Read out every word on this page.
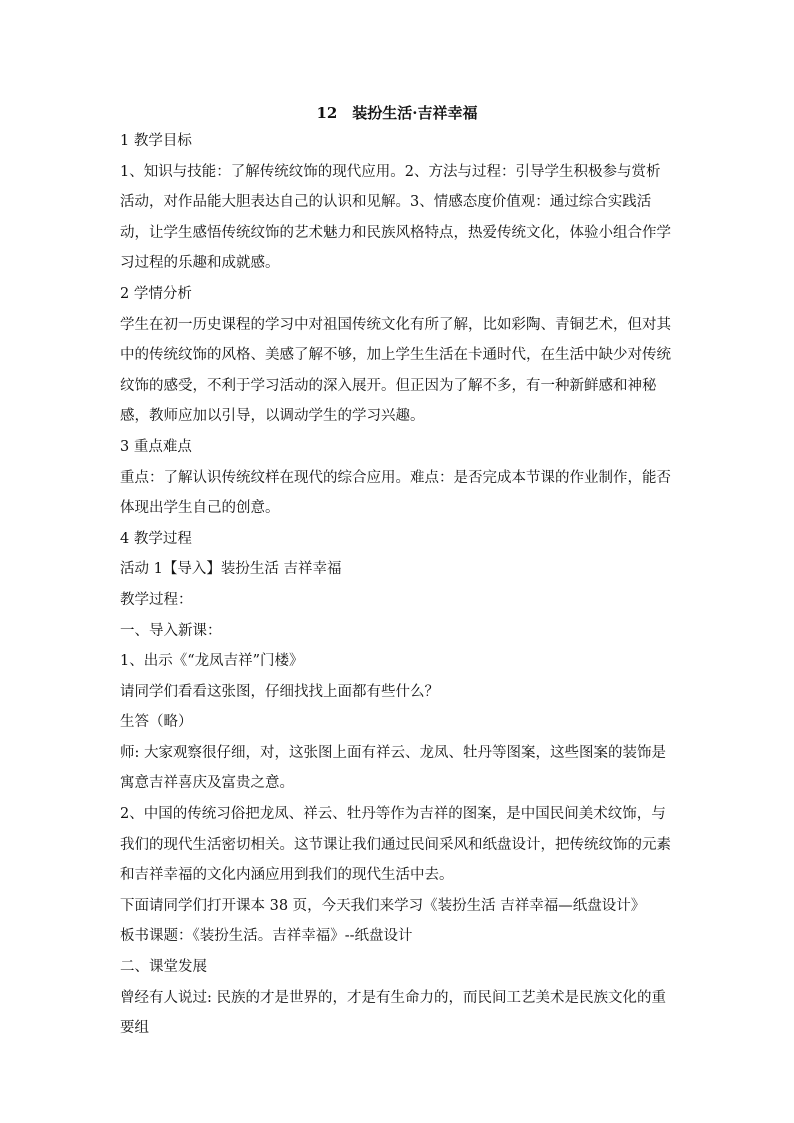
12　装扮生活·吉祥幸福

1 教学目标

1、知识与技能：了解传统纹饰的现代应用。2、方法与过程：引导学生积极参与赏析活动，对作品能大胆表达自己的认识和见解。3、情感态度价值观：通过综合实践活动，让学生感悟传统纹饰的艺术魅力和民族风格特点，热爱传统文化，体验小组合作学习过程的乐趣和成就感。

2 学情分析

学生在初一历史课程的学习中对祖国传统文化有所了解，比如彩陶、青铜艺术，但对其中的传统纹饰的风格、美感了解不够，加上学生生活在卡通时代，在生活中缺少对传统纹饰的感受，不利于学习活动的深入展开。但正因为了解不多，有一种新鲜感和神秘感，教师应加以引导，以调动学生的学习兴趣。

3 重点难点

重点：了解认识传统纹样在现代的综合应用。难点：是否完成本节课的作业制作，能否体现出学生自己的创意。

4 教学过程

活动 1【导入】装扮生活 吉祥幸福

教学过程：

一、导入新课：

1、出示《“龙凤吉祥”门楼》

请同学们看看这张图，仔细找找上面都有些什么？

生答（略）

师: 大家观察很仔细，对，这张图上面有祥云、龙凤、牡丹等图案，这些图案的装饰是寓意吉祥喜庆及富贵之意。

2、中国的传统习俗把龙凤、祥云、牡丹等作为吉祥的图案，是中国民间美术纹饰，与我们的现代生活密切相关。这节课让我们通过民间采风和纸盘设计，把传统纹饰的元素和吉祥幸福的文化内涵应用到我们的现代生活中去。

下面请同学们打开课本 38 页，今天我们来学习《装扮生活 吉祥幸福—纸盘设计》

板书课题：《装扮生活。吉祥幸福》--纸盘设计

二、课堂发展

曾经有人说过: 民族的才是世界的，才是有生命力的，而民间工艺美术是民族文化的重要组
